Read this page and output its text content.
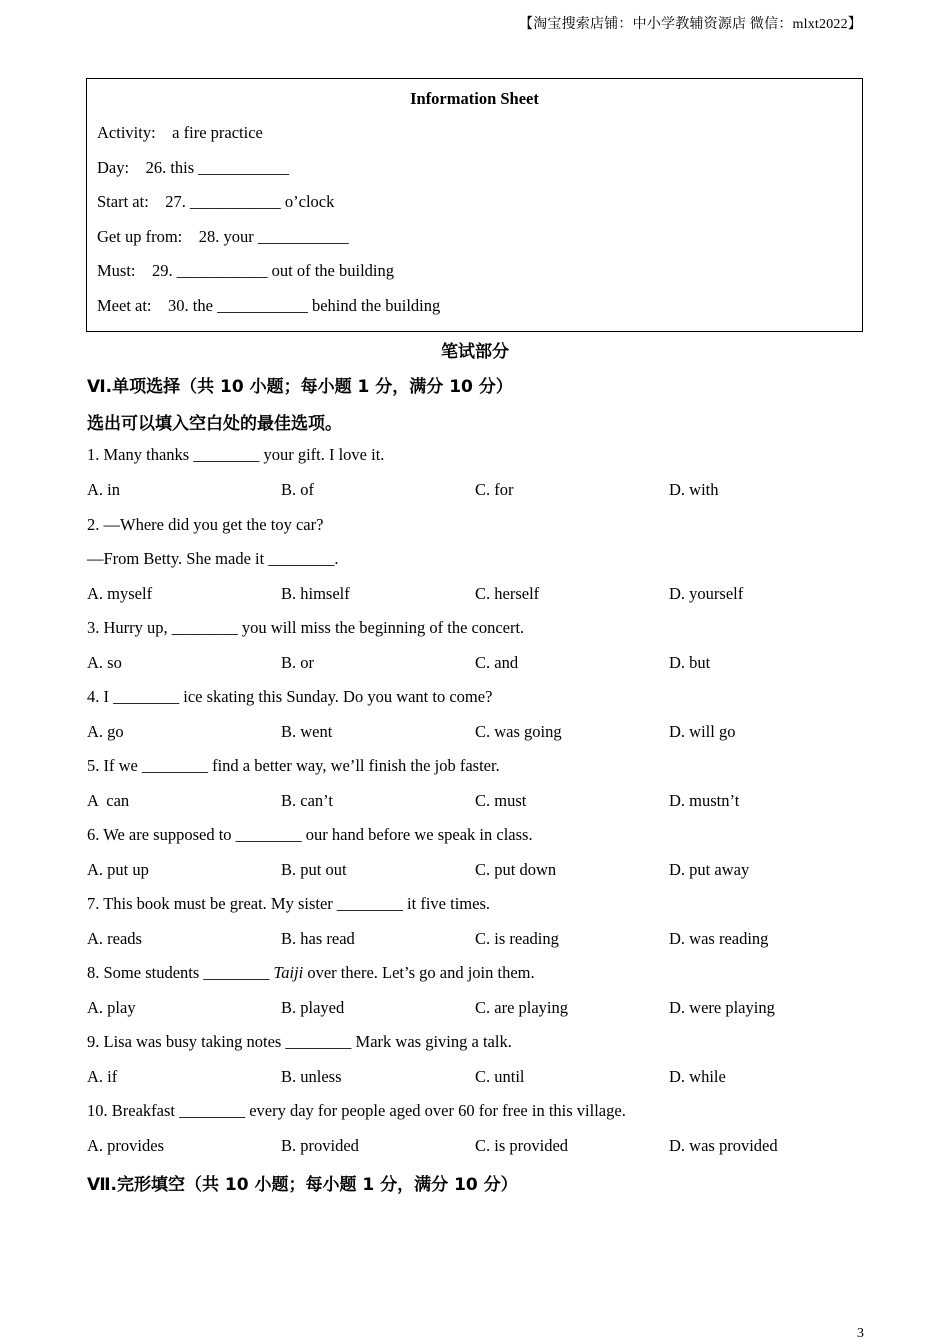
【淘宝搜索店铺：中小学教辅资源店 微信：mlxt2022】
Information Sheet
Activity: a fire practice
Day: 26. this ___________
Start at: 27. ___________ o’clock
Get up from: 28. your ___________
Must: 29. ___________ out of the building
Meet at: 30. the ___________ behind the building
笔试部分
Ⅵ.单项选择（共 10 小题；每小题 1 分，满分 10 分）
选出可以填入空白处的最佳选项。
1. Many thanks ________ your gift. I love it.
A. in	B. of	C. for	D. with
2. —Where did you get the toy car?
—From Betty. She made it ________.
A. myself	B. himself	C. herself	D. yourself
3. Hurry up, ________ you will miss the beginning of the concert.
A. so	B. or	C. and	D. but
4. I ________ ice skating this Sunday. Do you want to come?
A. go	B. went	C. was going	D. will go
5. If we ________ find a better way, we’ll finish the job faster.
A  can	B. can’t	C. must	D. mustn’t
6. We are supposed to ________ our hand before we speak in class.
A. put up	B. put out	C. put down	D. put away
7. This book must be great. My sister ________ it five times.
A. reads	B. has read	C. is reading	D. was reading
8. Some students ________ Taiji over there. Let’s go and join them.
A. play	B. played	C. are playing	D. were playing
9. Lisa was busy taking notes ________ Mark was giving a talk.
A. if	B. unless	C. until	D. while
10. Breakfast ________ every day for people aged over 60 for free in this village.
A. provides	B. provided	C. is provided	D. was provided
Ⅶ.完形填空（共 10 小题；每小题 1 分，满分 10 分）
3
